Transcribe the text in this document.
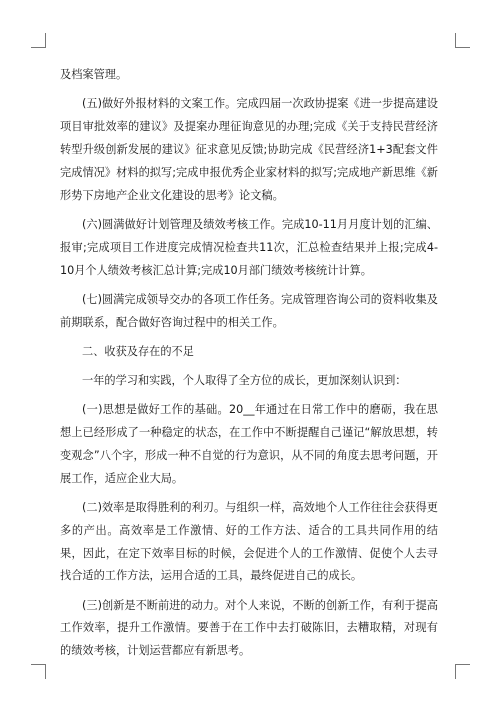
及档案管理。

(五)做好外报材料的文案工作。完成四届一次政协提案《进一步提高建设项目审批效率的建议》及提案办理征询意见的办理;完成《关于支持民营经济转型升级创新发展的建议》征求意见反馈;协助完成《民营经济1+3配套文件完成情况》材料的拟写;完成申报优秀企业家材料的拟写;完成地产新思维《新形势下房地产企业文化建设的思考》论文稿。

(六)圆满做好计划管理及绩效考核工作。完成10-11月月度计划的汇编、报审;完成项目工作进度完成情况检查共11次，汇总检查结果并上报;完成4-10月个人绩效考核汇总计算;完成10月部门绩效考核统计计算。

(七)圆满完成领导交办的各项工作任务。完成管理咨询公司的资料收集及前期联系，配合做好咨询过程中的相关工作。

二、收获及存在的不足

一年的学习和实践，个人取得了全方位的成长，更加深刻认识到：

(一)思想是做好工作的基础。20__年通过在日常工作中的磨砺，我在思想上已经形成了一种稳定的状态，在工作中不断提醒自己谨记“解放思想，转变观念”八个字，形成一种不自觉的行为意识，从不同的角度去思考问题，开展工作，适应企业大局。

(二)效率是取得胜利的利刃。与组织一样，高效地个人工作往往会获得更多的产出。高效率是工作激情、好的工作方法、适合的工具共同作用的结果，因此，在定下效率目标的时候，会促进个人的工作激情、促使个人去寻找合适的工作方法，运用合适的工具，最终促进自己的成长。

(三)创新是不断前进的动力。对个人来说，不断的创新工作，有利于提高工作效率，提升工作激情。要善于在工作中去打破陈旧，去糟取精，对现有的绩效考核，计划运营都应有新思考。
